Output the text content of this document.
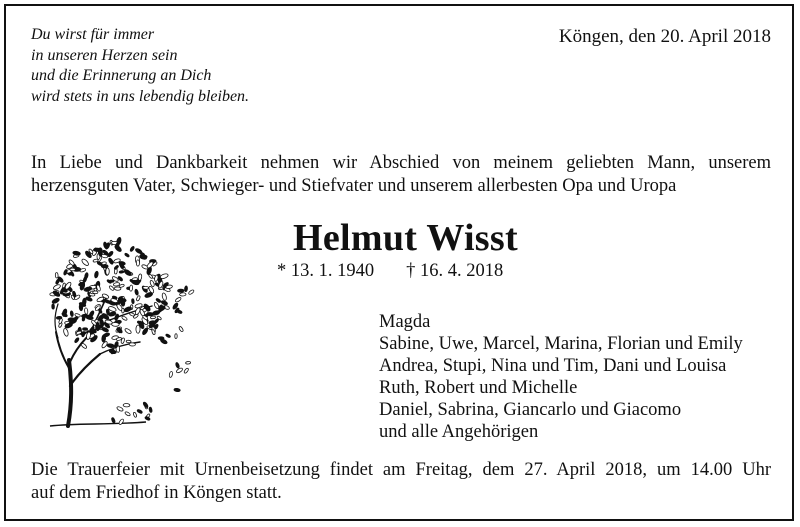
Du wirst für immer
in unseren Herzen sein
und die Erinnerung an Dich
wird stets in uns lebendig bleiben.
Köngen, den 20. April 2018
In Liebe und Dankbarkeit nehmen wir Abschied von meinem geliebten Mann, unserem
herzensguten Vater, Schwieger- und Stiefvater und unserem allerbesten Opa und Uropa
Helmut Wisst
* 13. 1. 1940 † 16. 4. 2018
Magda
Sabine, Uwe, Marcel, Marina, Florian und Emily
Andrea, Stupi, Nina und Tim, Dani und Louisa
Ruth, Robert und Michelle
Daniel, Sabrina, Giancarlo und Giacomo
und alle Angehörigen
Die Trauerfeier mit Urnenbeisetzung findet am Freitag, dem 27. April 2018, um 14.00 Uhr
auf dem Friedhof in Köngen statt.
